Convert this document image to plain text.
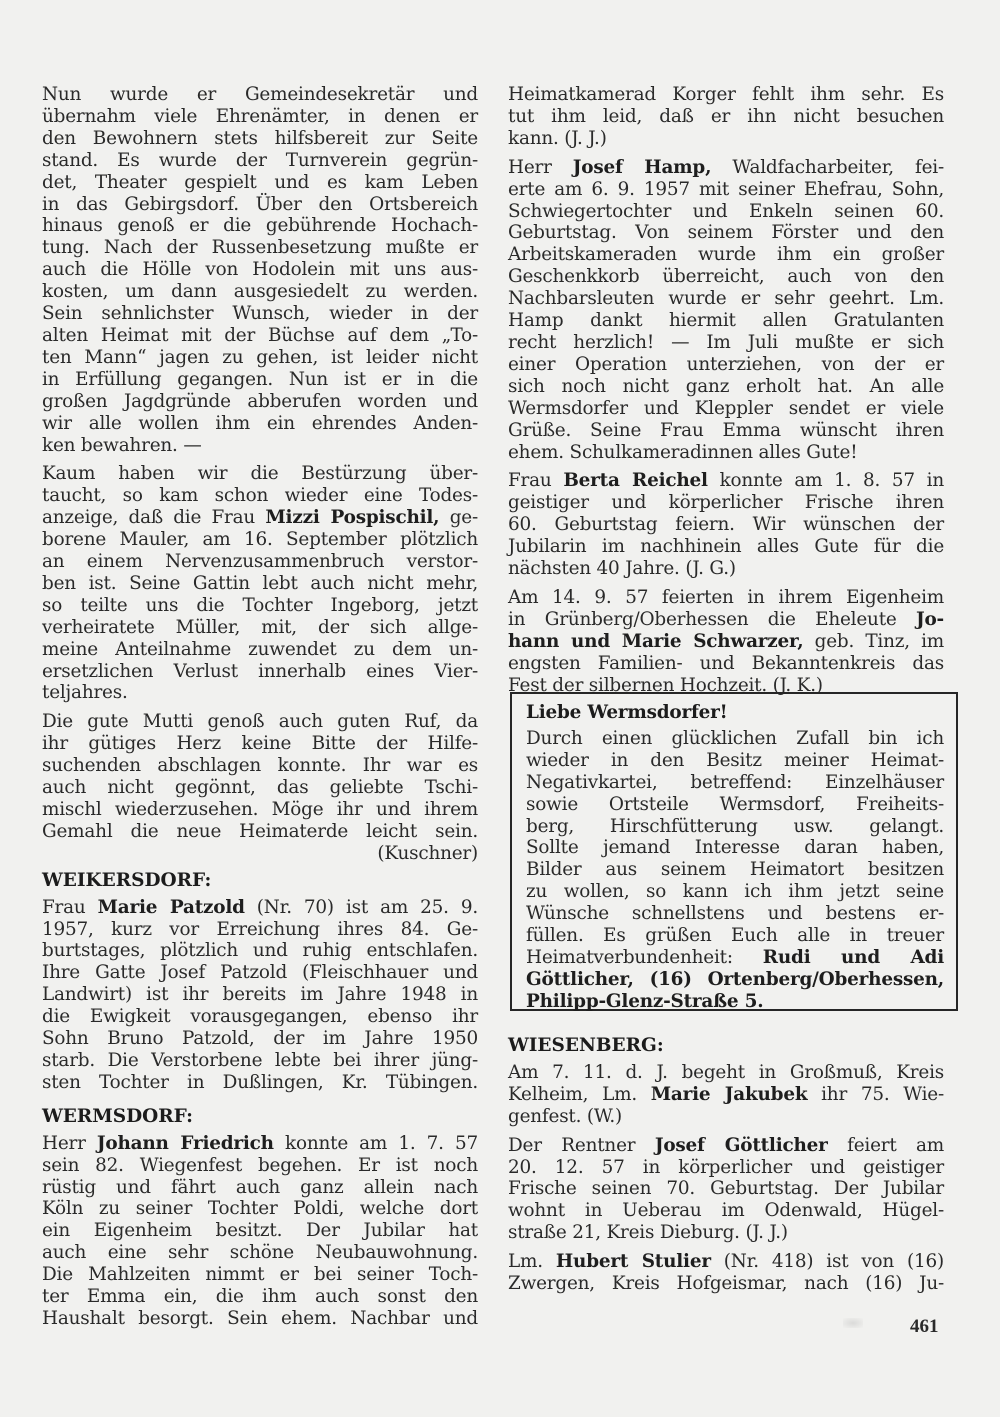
Nun wurde er Gemeindesekretär und
übernahm viele Ehrenämter, in denen er
den Bewohnern stets hilfsbereit zur Seite
stand. Es wurde der Turnverein gegrün-
det, Theater gespielt und es kam Leben
in das Gebirgsdorf. Über den Ortsbereich
hinaus genoß er die gebührende Hochach-
tung. Nach der Russenbesetzung mußte er
auch die Hölle von Hodolein mit uns aus-
kosten, um dann ausgesiedelt zu werden.
Sein sehnlichster Wunsch, wieder in der
alten Heimat mit der Büchse auf dem „To-
ten Mann“ jagen zu gehen, ist leider nicht
in Erfüllung gegangen. Nun ist er in die
großen Jagdgründe abberufen worden und
wir alle wollen ihm ein ehrendes Anden-
ken bewahren. —

Kaum haben wir die Bestürzung über-
taucht, so kam schon wieder eine Todes-
anzeige, daß die Frau Mizzi Pospischil, ge-
borene Mauler, am 16. September plötzlich
an einem Nervenzusammenbruch verstor-
ben ist. Seine Gattin lebt auch nicht mehr,
so teilte uns die Tochter Ingeborg, jetzt
verheiratete Müller, mit, der sich allge-
meine Anteilnahme zuwendet zu dem un-
ersetzlichen Verlust innerhalb eines Vier-
teljahres.

Die gute Mutti genoß auch guten Ruf, da
ihr gütiges Herz keine Bitte der Hilfe-
suchenden abschlagen konnte. Ihr war es
auch nicht gegönnt, das geliebte Tschi-
mischl wiederzusehen. Möge ihr und ihrem
Gemahl die neue Heimaterde leicht sein.

(Kuschner)
WEIKERSDORF:

Frau Marie Patzold (Nr. 70) ist am 25. 9.
1957, kurz vor Erreichung ihres 84. Ge-
burtstages, plötzlich und ruhig entschlafen.
Ihre Gatte Josef Patzold (Fleischhauer und
Landwirt) ist ihr bereits im Jahre 1948 in
die Ewigkeit vorausgegangen, ebenso ihr
Sohn Bruno Patzold, der im Jahre 1950
starb. Die Verstorbene lebte bei ihrer jüng-
sten Tochter in Dußlingen, Kr. Tübingen.

WERMSDORF:

Herr Johann Friedrich konnte am 1. 7. 57
sein 82. Wiegenfest begehen. Er ist noch
rüstig und fährt auch ganz allein nach
Köln zu seiner Tochter Poldi, welche dort
ein Eigenheim besitzt. Der Jubilar hat
auch eine sehr schöne Neubauwohnung.
Die Mahlzeiten nimmt er bei seiner Toch-
ter Emma ein, die ihm auch sonst den
Haushalt besorgt. Sein ehem. Nachbar und

Heimatkamerad Korger fehlt ihm sehr. Es
tut ihm leid, daß er ihn nicht besuchen
kann. (J. J.)

Herr Josef Hamp, Waldfacharbeiter, fei-
erte am 6. 9. 1957 mit seiner Ehefrau, Sohn,
Schwiegertochter und Enkeln seinen 60.
Geburtstag. Von seinem Förster und den
Arbeitskameraden wurde ihm ein großer
Geschenkkorb überreicht, auch von den
Nachbarsleuten wurde er sehr geehrt. Lm.
Hamp dankt hiermit allen Gratulanten
recht herzlich! — Im Juli mußte er sich
einer Operation unterziehen, von der er
sich noch nicht ganz erholt hat. An alle
Wermsdorfer und Kleppler sendet er viele
Grüße. Seine Frau Emma wünscht ihren
ehem. Schulkameradinnen alles Gute!

Frau Berta Reichel konnte am 1. 8. 57 in
geistiger und körperlicher Frische ihren
60. Geburtstag feiern. Wir wünschen der
Jubilarin im nachhinein alles Gute für die
nächsten 40 Jahre. (J. G.)

Am 14. 9. 57 feierten in ihrem Eigenheim
in Grünberg/Oberhessen die Eheleute Jo-
hann und Marie Schwarzer, geb. Tinz, im
engsten Familien- und Bekanntenkreis das
Fest der silbernen Hochzeit. (J. K.)

Liebe Wermsdorfer!

Durch einen glücklichen Zufall bin ich
wieder in den Besitz meiner Heimat-
Negativkartei, betreffend: Einzelhäuser
sowie Ortsteile Wermsdorf, Freiheits-
berg, Hirschfütterung usw. gelangt.
Sollte jemand Interesse daran haben,
Bilder aus seinem Heimatort besitzen
zu wollen, so kann ich ihm jetzt seine
Wünsche schnellstens und bestens er-
füllen. Es grüßen Euch alle in treuer
Heimatverbundenheit: Rudi und Adi
Göttlicher, (16) Ortenberg/Oberhessen,
Philipp-Glenz-Straße 5.

WIESENBERG:

Am 7. 11. d. J. begeht in Großmuß, Kreis
Kelheim, Lm. Marie Jakubek ihr 75. Wie-
genfest. (W.)

Der Rentner Josef Göttlicher feiert am
20. 12. 57 in körperlicher und geistiger
Frische seinen 70. Geburtstag. Der Jubilar
wohnt in Ueberau im Odenwald, Hügel-
straße 21, Kreis Dieburg. (J. J.)

Lm. Hubert Stulier (Nr. 418) ist von (16)
Zwergen, Kreis Hofgeismar, nach (16) Ju-

461
